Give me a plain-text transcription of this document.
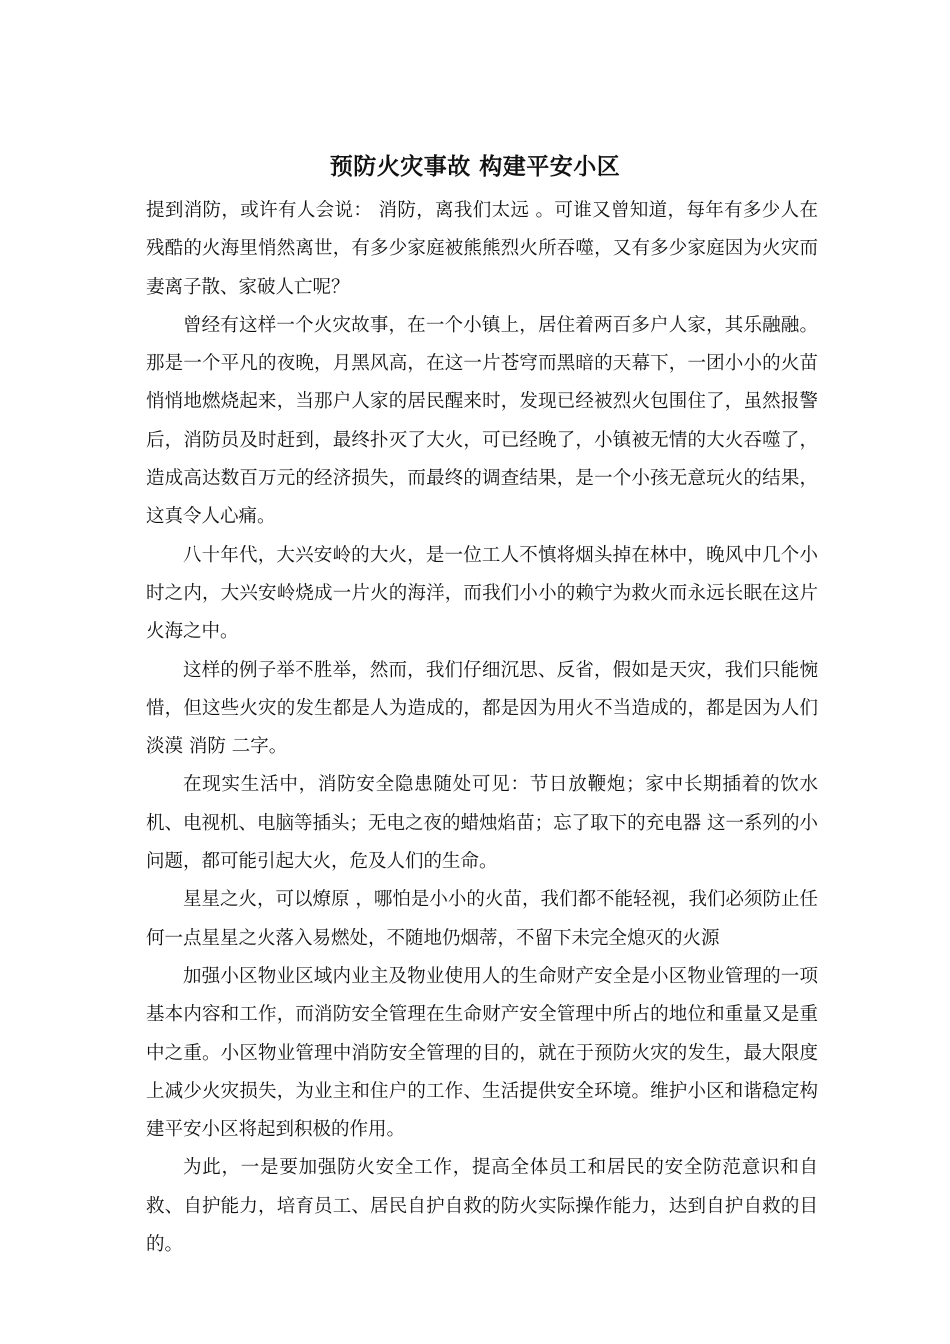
预防火灾事故 构建平安小区

提到消防，或许有人会说： 消防，离我们太远 。可谁又曾知道，每年有多少人在残酷的火海里悄然离世，有多少家庭被熊熊烈火所吞噬，又有多少家庭因为火灾而妻离子散、家破人亡呢？

曾经有这样一个火灾故事，在一个小镇上，居住着两百多户人家，其乐融融。那是一个平凡的夜晚，月黑风高，在这一片苍穹而黑暗的天幕下，一团小小的火苗悄悄地燃烧起来，当那户人家的居民醒来时，发现已经被烈火包围住了，虽然报警后，消防员及时赶到，最终扑灭了大火，可已经晚了，小镇被无情的大火吞噬了，造成高达数百万元的经济损失，而最终的调查结果，是一个小孩无意玩火的结果，这真令人心痛。

八十年代，大兴安岭的大火，是一位工人不慎将烟头掉在林中，晚风中几个小时之内，大兴安岭烧成一片火的海洋，而我们小小的赖宁为救火而永远长眠在这片火海之中。

这样的例子举不胜举，然而，我们仔细沉思、反省，假如是天灾，我们只能惋惜，但这些火灾的发生都是人为造成的，都是因为用火不当造成的，都是因为人们淡漠 消防 二字。

在现实生活中，消防安全隐患随处可见：节日放鞭炮；家中长期插着的饮水机、电视机、电脑等插头；无电之夜的蜡烛焰苗；忘了取下的充电器 这一系列的小问题，都可能引起大火，危及人们的生命。

星星之火，可以燎原 ，哪怕是小小的火苗，我们都不能轻视，我们必须防止任何一点星星之火落入易燃处，不随地仍烟蒂，不留下未完全熄灭的火源

加强小区物业区域内业主及物业使用人的生命财产安全是小区物业管理的一项基本内容和工作，而消防安全管理在生命财产安全管理中所占的地位和重量又是重中之重。小区物业管理中消防安全管理的目的，就在于预防火灾的发生，最大限度上减少火灾损失，为业主和住户的工作、生活提供安全环境。维护小区和谐稳定构建平安小区将起到积极的作用。

为此，一是要加强防火安全工作，提高全体员工和居民的安全防范意识和自救、自护能力，培育员工、居民自护自救的防火实际操作能力，达到自护自救的目的。
